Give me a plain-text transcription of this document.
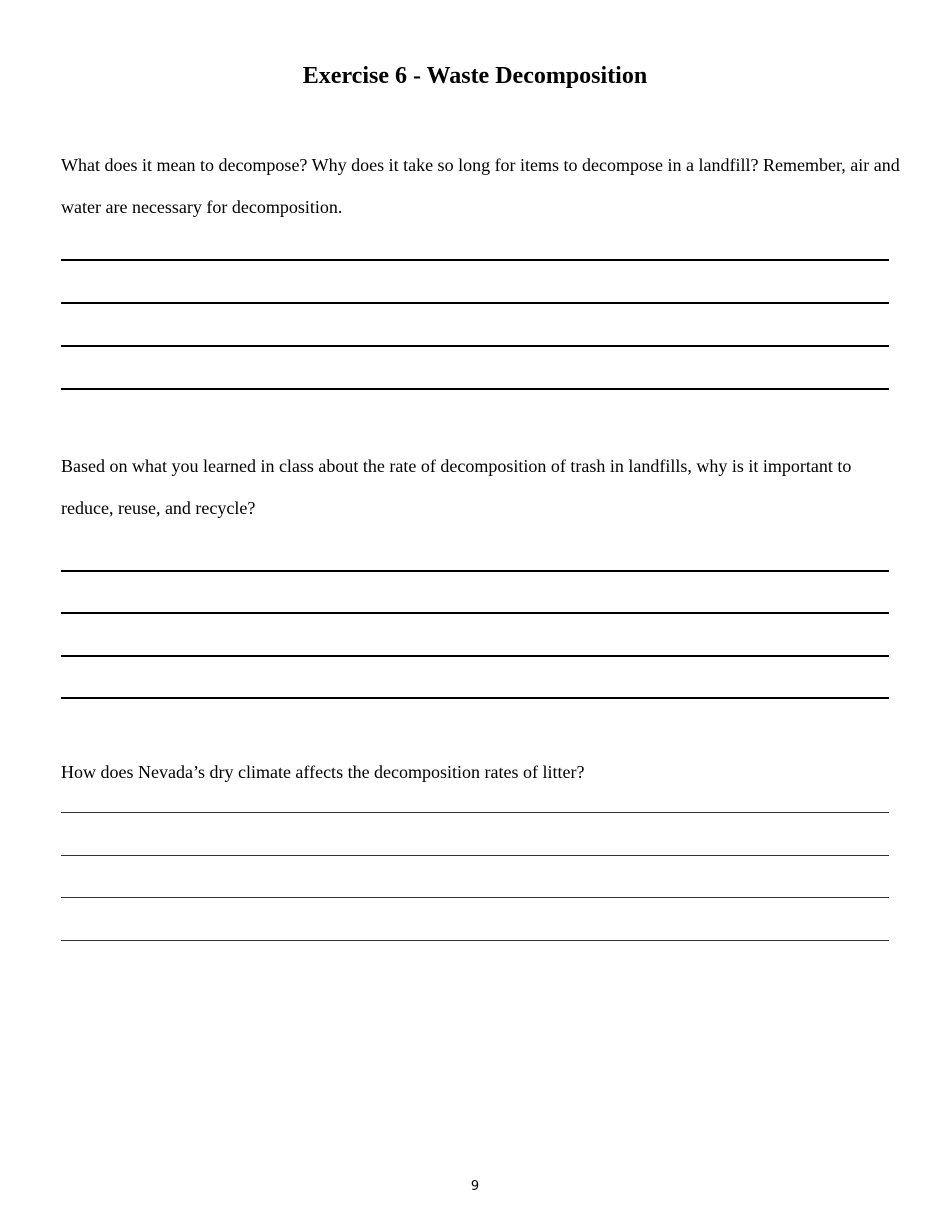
Exercise 6 - Waste Decomposition

What does it mean to decompose? Why does it take so long for items to decompose in a landfill? Remember, air and water are necessary for decomposition.

Based on what you learned in class about the rate of decomposition of trash in landfills, why is it important to reduce, reuse, and recycle?

How does Nevada’s dry climate affects the decomposition rates of litter?

9
